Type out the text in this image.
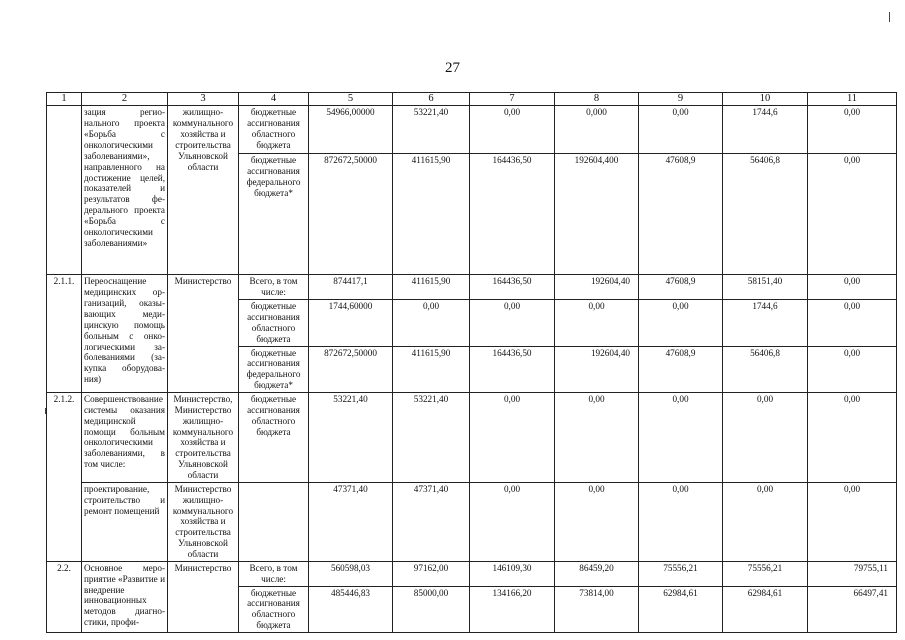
27
1	2	3	4	5	6	7	8	9	10	11
	зация регионального проекта «Борьба с онкологическими заболеваниями», направленного на достижение целей, показателей и результатов федерального проекта «Борьба с онкологическими заболеваниями»	жилищно-коммунального хозяйства и строительства Ульяновской области	бюджетные ассигнования областного бюджета	54966,00000	53221,40	0,00	0,000	0,00	1744,6	0,00
			бюджетные ассигнования федерального бюджета*	872672,50000	411615,90	164436,50	192604,400	47608,9	56406,8	0,00
2.1.1.	Переоснащение медицинских организаций, оказывающих медицинскую помощь больным с онкологическими заболеваниями (закупка оборудования)	Министерство	Всего, в том числе:	874417,1	411615,90	164436,50	192604,40	47608,9	58151,40	0,00
			бюджетные ассигнования областного бюджета	1744,60000	0,00	0,00	0,00	0,00	1744,6	0,00
			бюджетные ассигнования федерального бюджета*	872672,50000	411615,90	164436,50	192604,40	47608,9	56406,8	0,00
2.1.2.	Совершенствование системы оказания медицинской помощи больным онкологическими заболеваниями, в том числе:	Министерство, Министерство жилищно-коммунального хозяйства и строительства Ульяновской области	бюджетные ассигнования областного бюджета	53221,40	53221,40	0,00	0,00	0,00	0,00	0,00
	проектирование, строительство и ремонт помещений	Министерство жилищно-коммунального хозяйства и строительства Ульяновской области		47371,40	47371,40	0,00	0,00	0,00	0,00	0,00
2.2.	Основное мероприятие «Развитие и внедрение инновационных методов диагностики, профи-	Министерство	Всего, в том числе:	560598,03	97162,00	146109,30	86459,20	75556,21	75556,21	79755,11
			бюджетные ассигнования областного бюджета	485446,83	85000,00	134166,20	73814,00	62984,61	62984,61	66497,41
